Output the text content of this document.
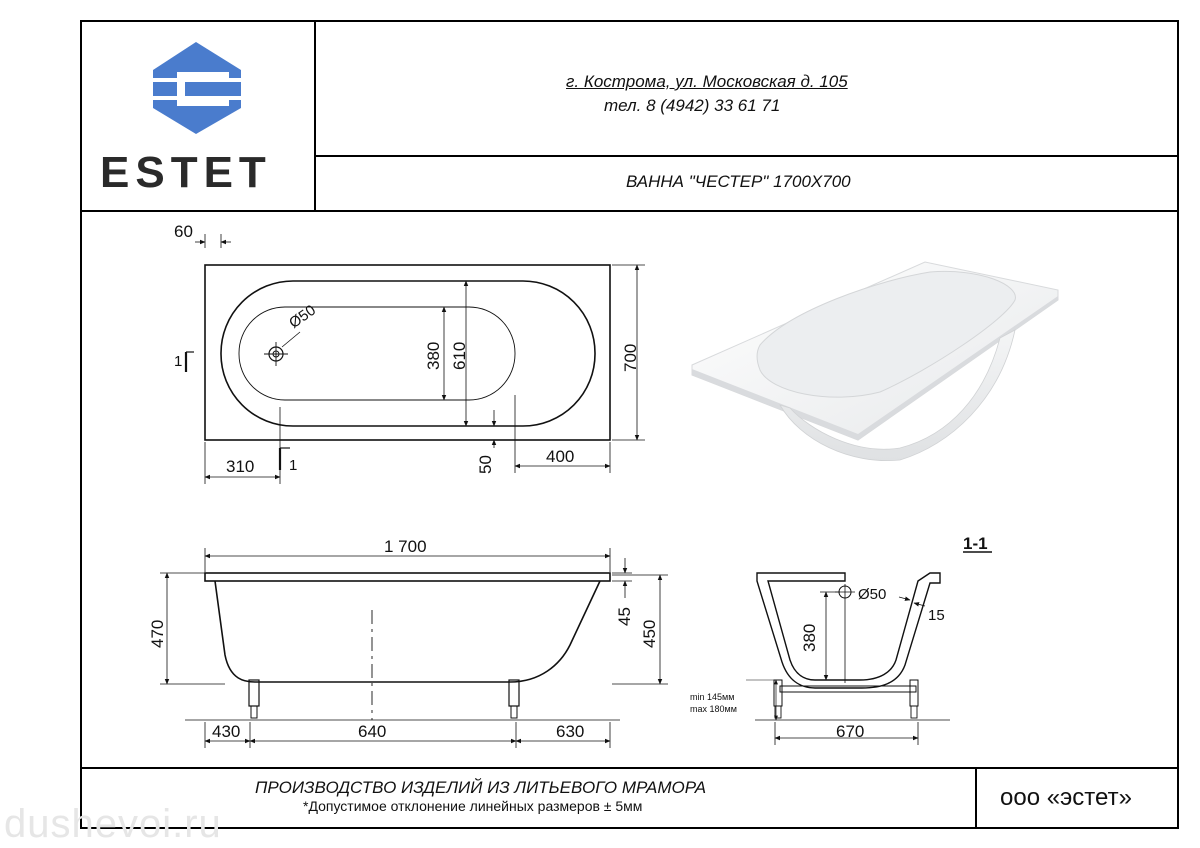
г. Кострома, ул. Московская д. 105
тел. 8 (4942) 33 61 71
ESTET	ВАННА "ЧЕСТЕР" 1700Х700
60
700
610
380
Ø50
310
400
50
1
1
1 700
470
45
450
430	640	630
1-1
Ø50
15
380
670
min 145мм
max 180мм
ПРОИЗВОДСТВО ИЗДЕЛИЙ ИЗ ЛИТЬЕВОГО МРАМОРА
*Допустимое отклонение линейных размеров ± 5мм	ооо «эстет»
dushevoi.ru
